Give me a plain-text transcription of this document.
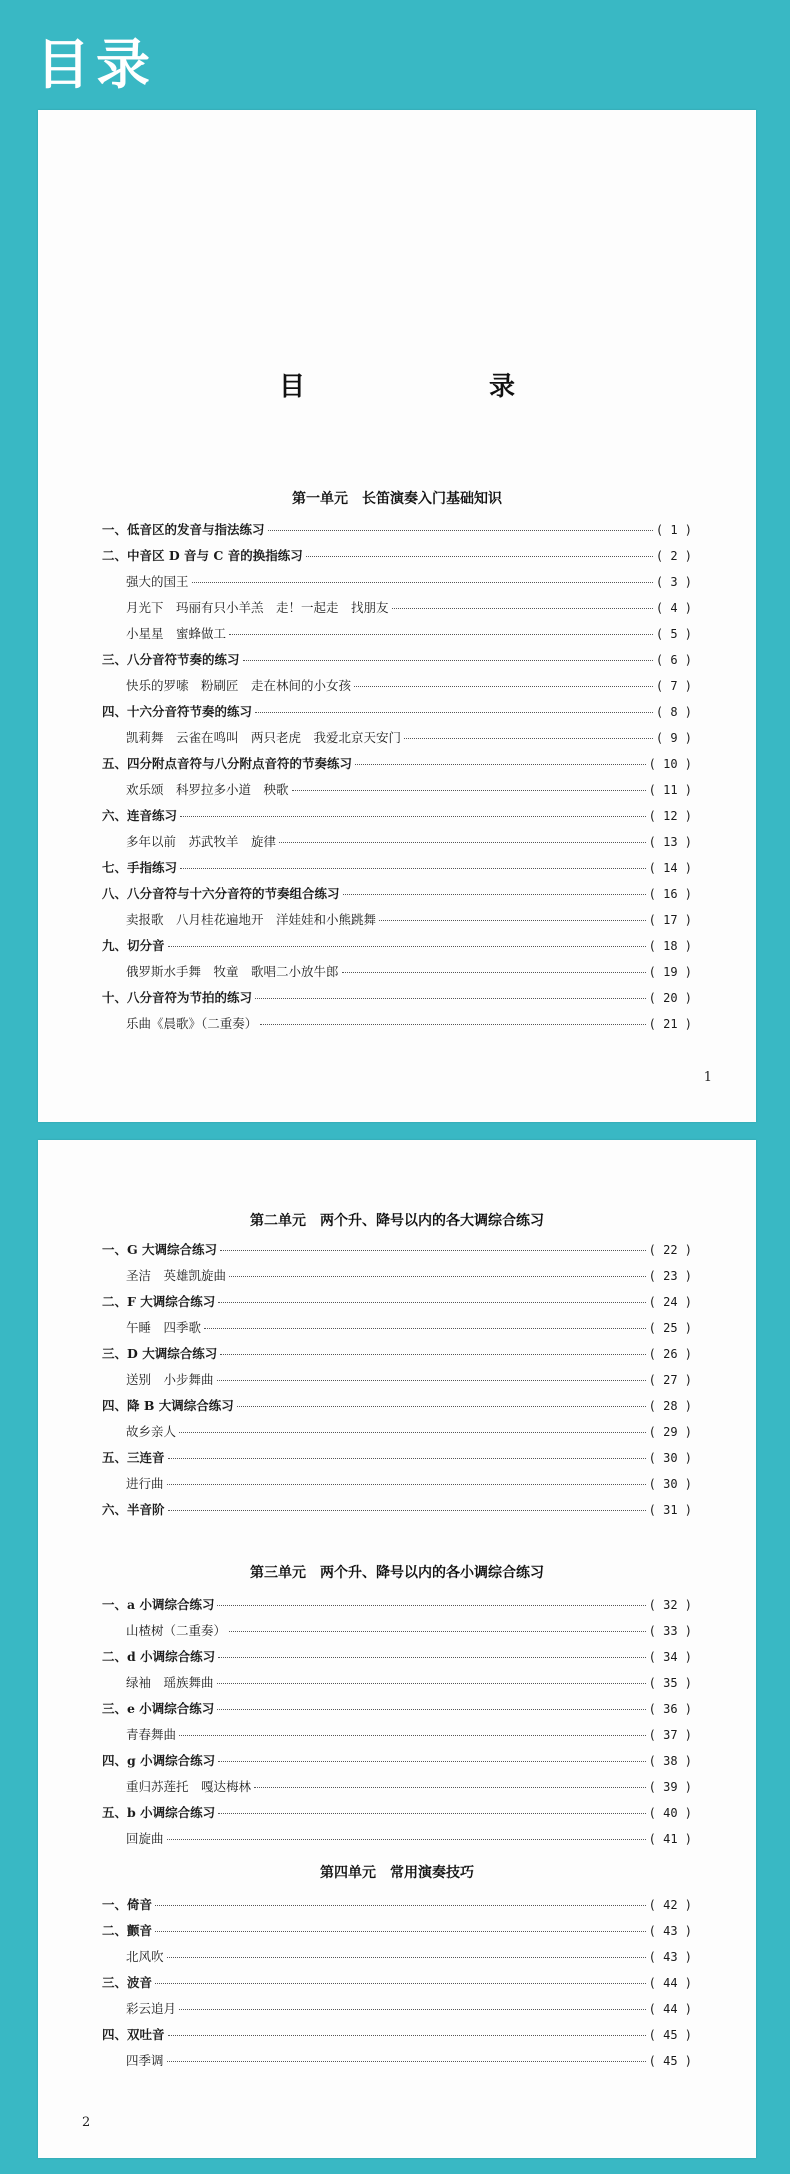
目录
目　　录
第一单元　长笛演奏入门基础知识
一、低音区的发音与指法练习	( 1 )
二、中音区 D 音与 C 音的换指练习	( 2 )
强大的国王	( 3 )
月光下　玛丽有只小羊羔　走！一起走　找朋友	( 4 )
小星星　蜜蜂做工	( 5 )
三、八分音符节奏的练习	( 6 )
快乐的罗嗦　粉刷匠　走在林间的小女孩	( 7 )
四、十六分音符节奏的练习	( 8 )
凯莉舞　云雀在鸣叫　两只老虎　我爱北京天安门	( 9 )
五、四分附点音符与八分附点音符的节奏练习	( 10 )
欢乐颂　科罗拉多小道　秧歌	( 11 )
六、连音练习	( 12 )
多年以前　苏武牧羊　旋律	( 13 )
七、手指练习	( 14 )
八、八分音符与十六分音符的节奏组合练习	( 16 )
卖报歌　八月桂花遍地开　洋娃娃和小熊跳舞	( 17 )
九、切分音	( 18 )
俄罗斯水手舞　牧童　歌唱二小放牛郎	( 19 )
十、八分音符为节拍的练习	( 20 )
乐曲《晨歌》（二重奏）	( 21 )
1
第二单元　两个升、降号以内的各大调综合练习
一、G 大调综合练习	( 22 )
圣洁　英雄凯旋曲	( 23 )
二、F 大调综合练习	( 24 )
午睡　四季歌	( 25 )
三、D 大调综合练习	( 26 )
送别　小步舞曲	( 27 )
四、降 B 大调综合练习	( 28 )
故乡亲人	( 29 )
五、三连音	( 30 )
进行曲	( 30 )
六、半音阶	( 31 )
第三单元　两个升、降号以内的各小调综合练习
一、a 小调综合练习	( 32 )
山楂树（二重奏）	( 33 )
二、d 小调综合练习	( 34 )
绿袖　瑶族舞曲	( 35 )
三、e 小调综合练习	( 36 )
青春舞曲	( 37 )
四、g 小调综合练习	( 38 )
重归苏莲托　嘎达梅林	( 39 )
五、b 小调综合练习	( 40 )
回旋曲	( 41 )
第四单元　常用演奏技巧
一、倚音	( 42 )
二、颤音	( 43 )
北风吹	( 43 )
三、波音	( 44 )
彩云追月	( 44 )
四、双吐音	( 45 )
四季调	( 45 )
2
